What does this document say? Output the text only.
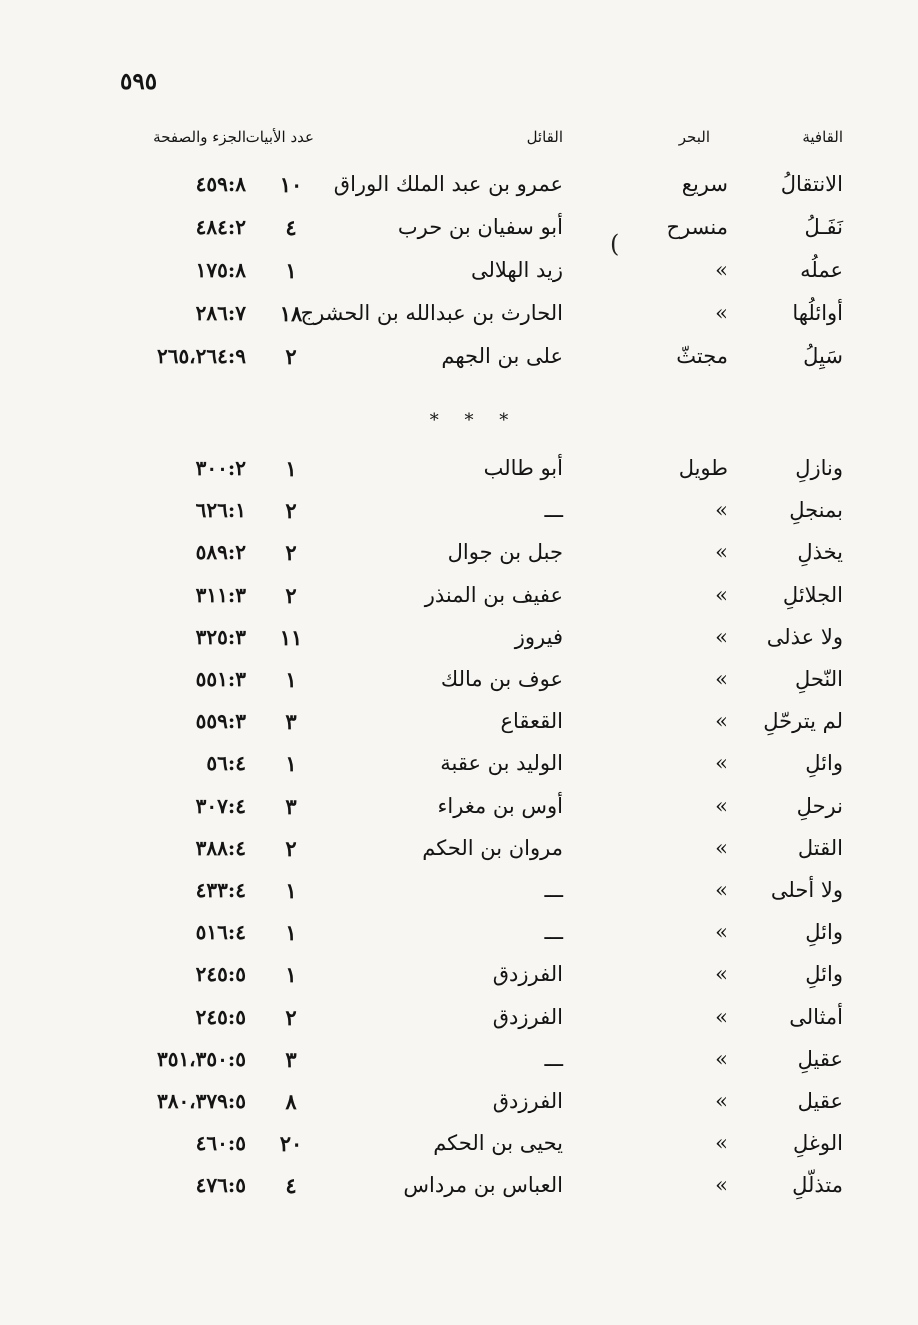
٥٩٥
القافية
البحر
القائل
عدد الأبيات
الجزء والصفحة
الانتقالُ
سريع
عمرو بن عبد الملك الوراق
١٠
٤٥٩:٨
نَفَـلُ
منسرح
أبو سفيان بن حرب
٤
٤٨٤:٢
عملُه
»
زيد الهلالى
١
١٧٥:٨
أوائلُها
»
الحارث بن عبدالله بن الحشرج
١٨
٢٨٦:٧
سَيِلُ
مجتثّ
على بن الجهم
٢
٢٦٥،٢٦٤:٩
(
* * *
ونازلِ
طويل
أبو طالب
١
٣٠٠:٢
بمنجلِ
»
ـــ
٢
٦٢٦:١
يخذلِ
»
جبل بن جوال
٢
٥٨٩:٢
الجلائلِ
»
عفيف بن المنذر
٢
٣١١:٣
ولا عذلى
»
فيروز
١١
٣٢٥:٣
النّحلِ
»
عوف بن مالك
١
٥٥١:٣
لم يترحّلِ
»
القعقاع
٣
٥٥٩:٣
وائلِ
»
الوليد بن عقبة
١
٥٦:٤
نرحلِ
»
أوس بن مغراء
٣
٣٠٧:٤
القتل
»
مروان بن الحكم
٢
٣٨٨:٤
ولا أحلى
»
ـــ
١
٤٣٣:٤
وائلِ
»
ـــ
١
٥١٦:٤
وائلِ
»
الفرزدق
١
٢٤٥:٥
أمثالى
»
الفرزدق
٢
٢٤٥:٥
عقيلِ
»
ـــ
٣
٣٥١،٣٥٠:٥
عقيل
»
الفرزدق
٨
٣٨٠،٣٧٩:٥
الوغلِ
»
يحيى بن الحكم
٢٠
٤٦٠:٥
متذلّلِ
»
العباس بن مرداس
٤
٤٧٦:٥
